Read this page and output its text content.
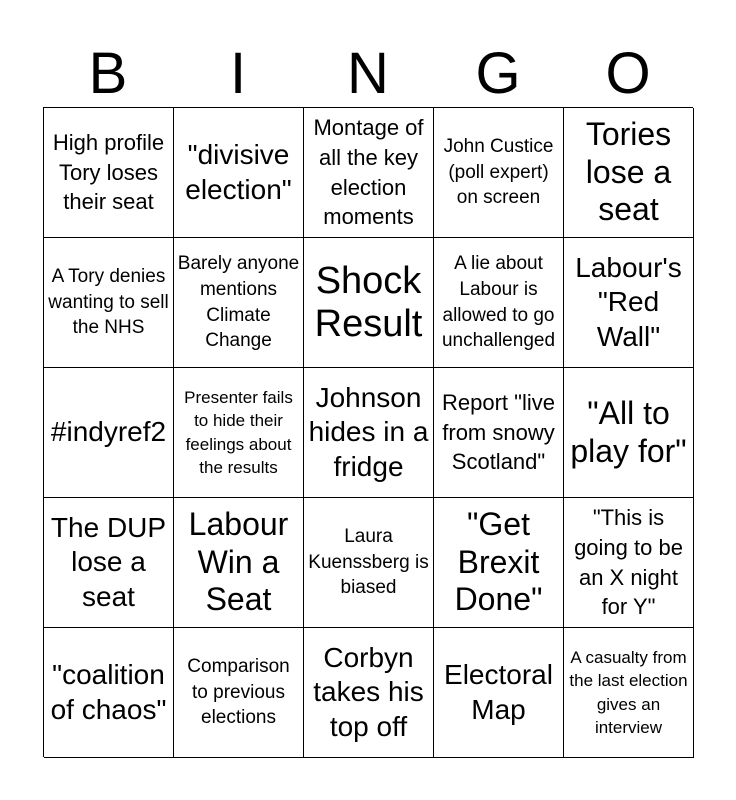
B	I	N	G	O
High profile Tory loses their seat
"divisive election"
Montage of all the key election moments
John Custice (poll expert) on screen
Tories lose a seat
A Tory denies wanting to sell the NHS
Barely anyone mentions Climate Change
Shock Result
A lie about Labour is allowed to go unchallenged
Labour's "Red Wall"
#indyref2
Presenter fails to hide their feelings about the results
Johnson hides in a fridge
Report "live from snowy Scotland"
"All to play for"
The DUP lose a seat
Labour Win a Seat
Laura Kuenssberg is biased
"Get Brexit Done"
"This is going to be an X night for Y"
"coalition of chaos"
Comparison to previous elections
Corbyn takes his top off
Electoral Map
A casualty from the last election gives an interview
